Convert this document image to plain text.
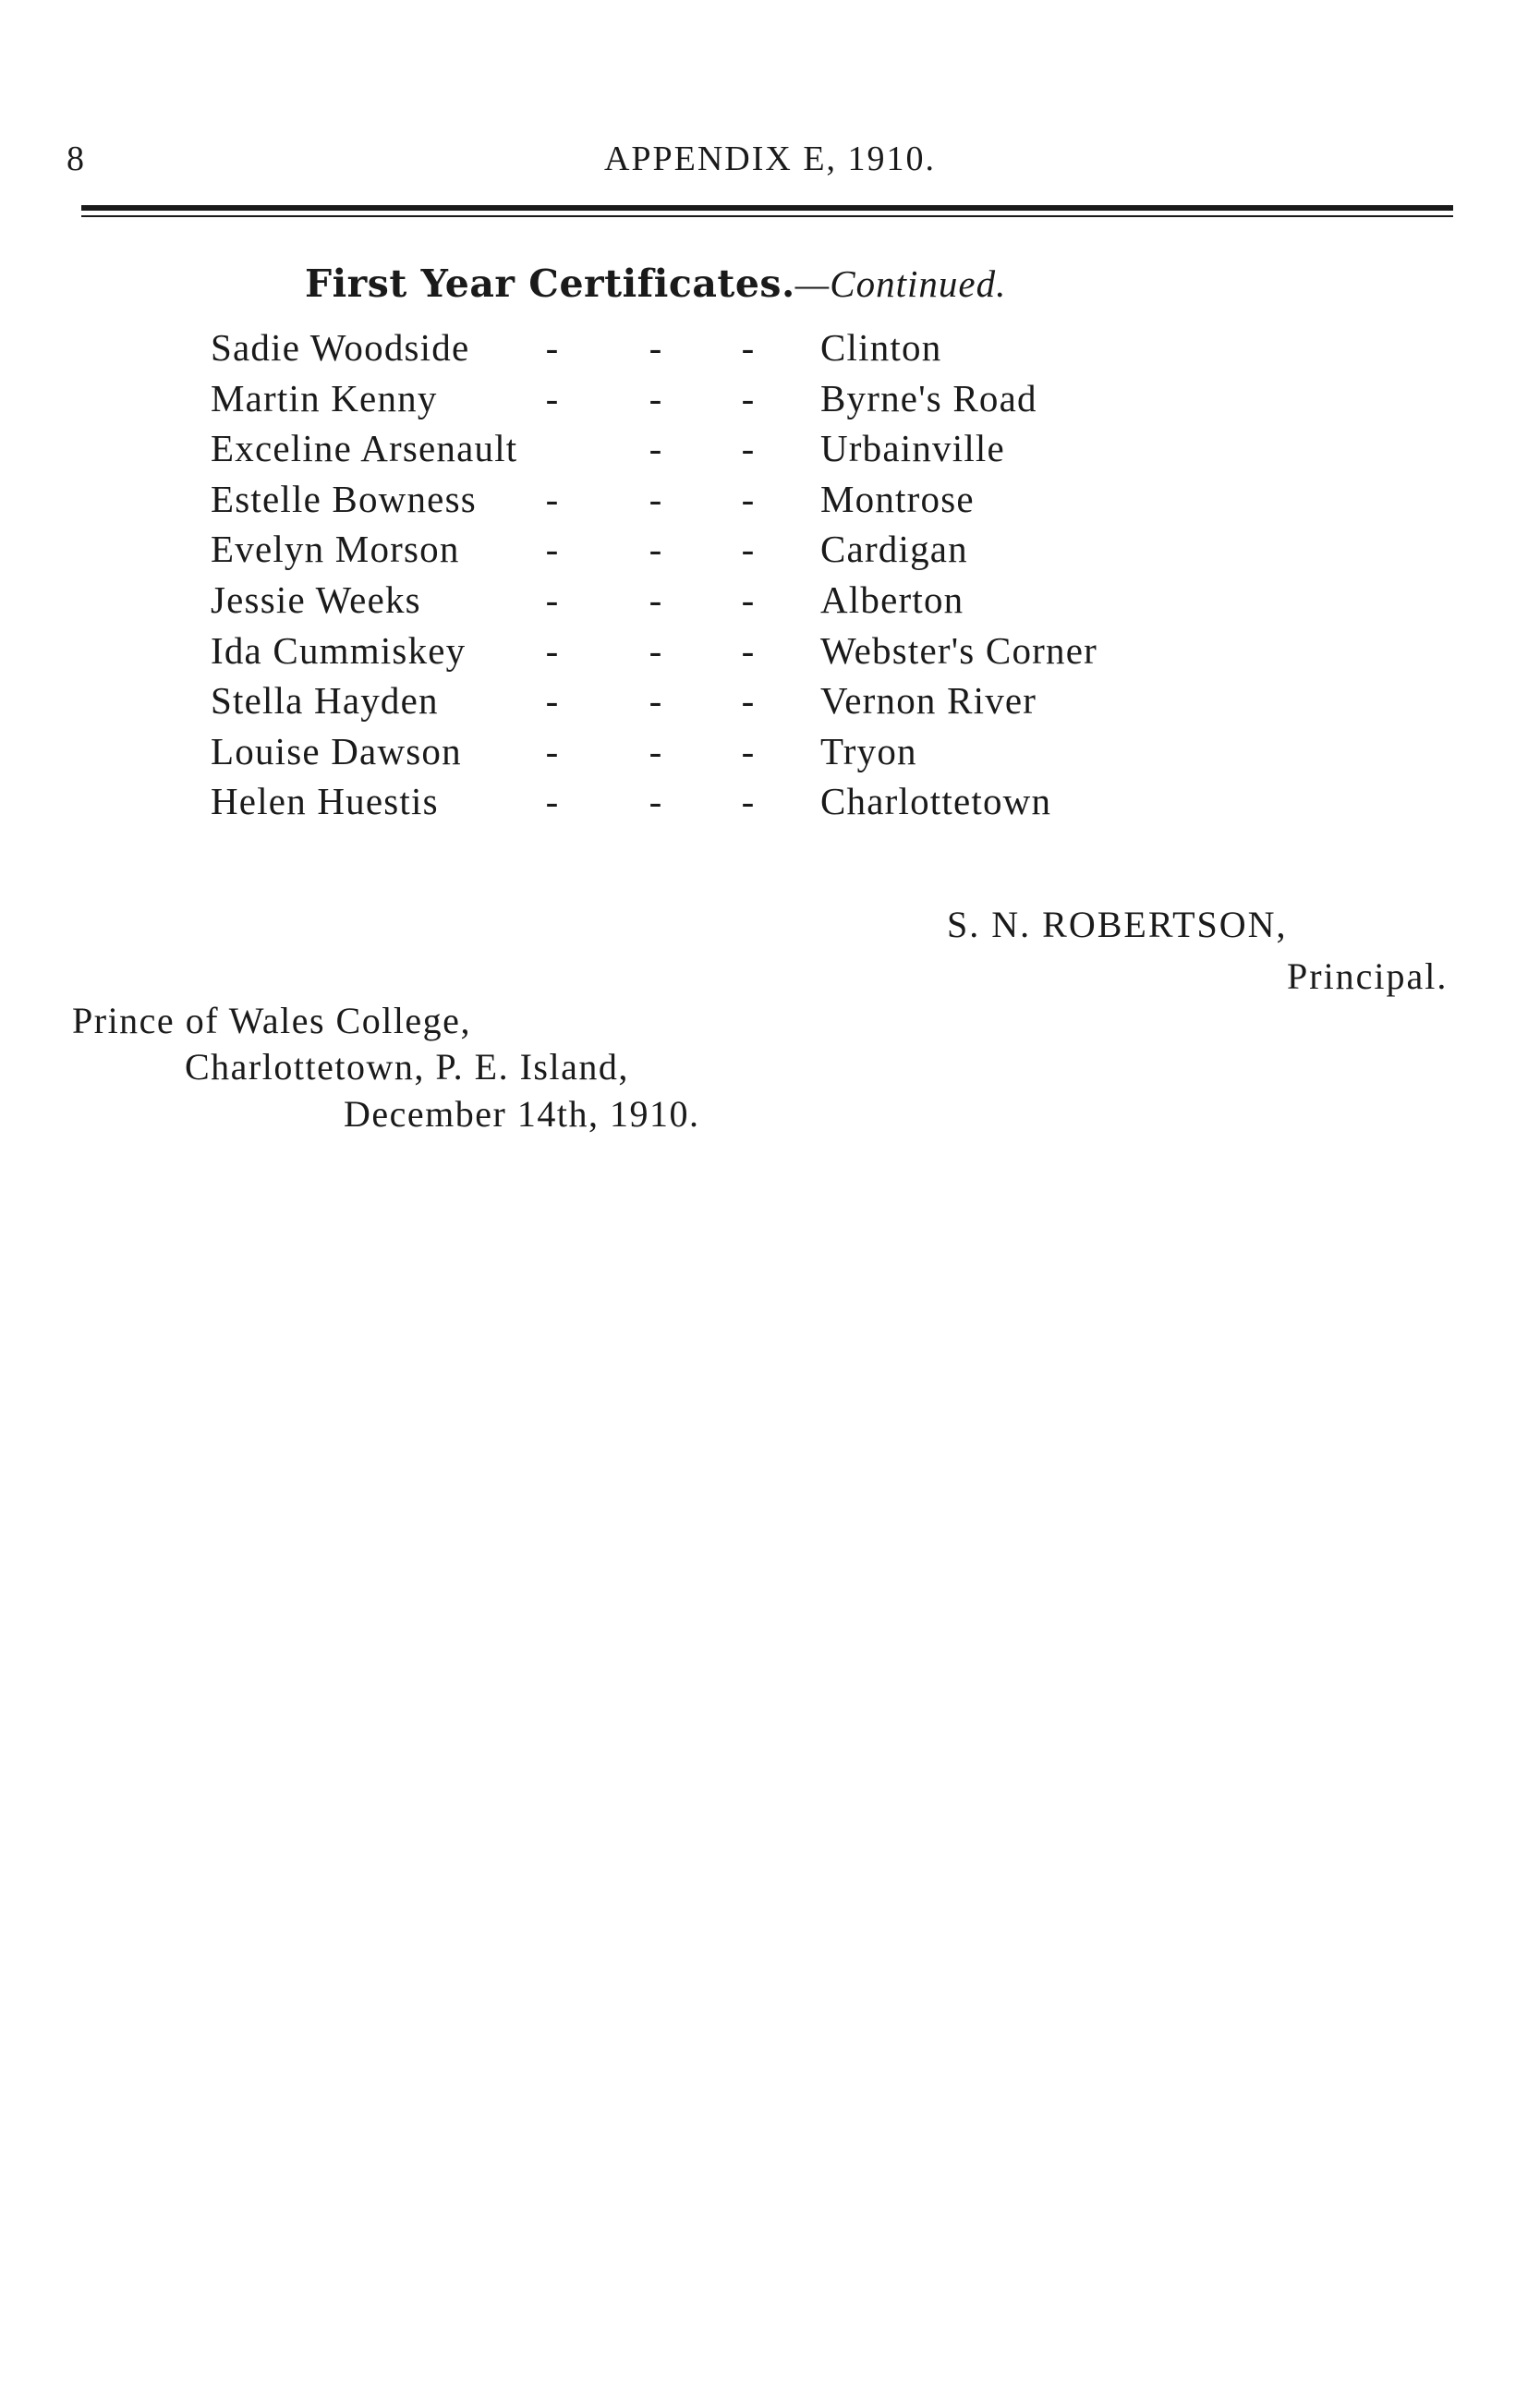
8	APPENDIX E, 1910.
First Year Certificates.—Continued.
Sadie Woodside - - - Clinton
Martin Kenny	- - - Byrne's Road
Exceline Arsenault	- - Urbainville
Estelle Bowness - - - Montrose
Evelyn Morson - - - Cardigan
Jessie Weeks	- - - Alberton
Ida Cummiskey - - - Webster's Corner
Stella Hayden	- - - Vernon River
Louise Dawson - - - Tryon
Helen Huestis	- - - Charlottetown
S. N. ROBERTSON,
Principal.
Prince of Wales College,
Charlottetown, P. E. Island,
December 14th, 1910.
